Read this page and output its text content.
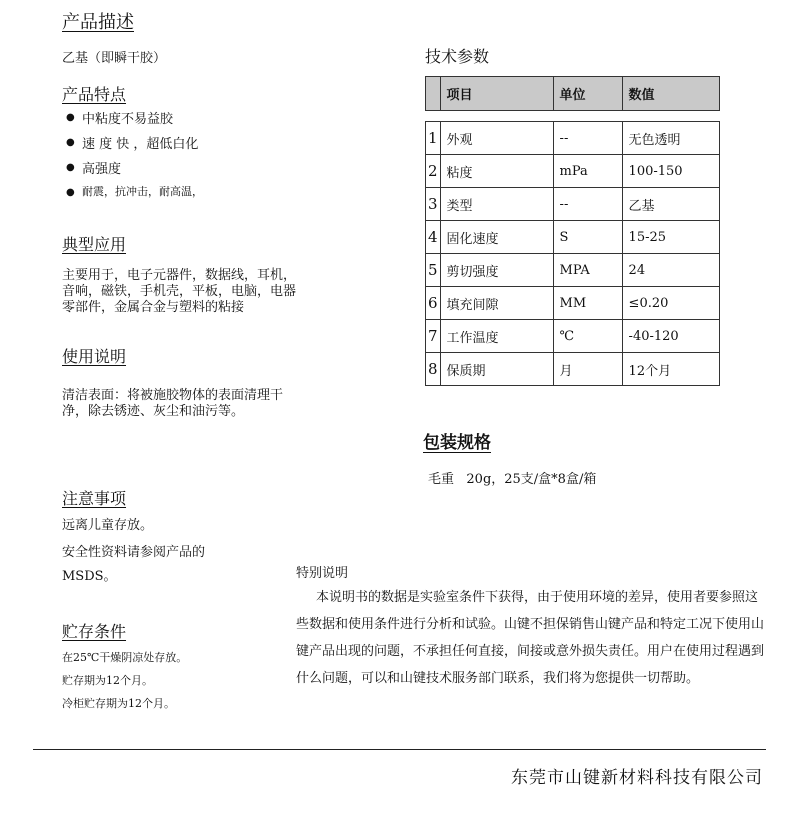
产品描述
乙基（即瞬干胶）
产品特点
● 中粘度不易益胶
● 速 度 快 ，超低白化
● 高强度
● 耐震，抗冲击，耐高温，
典型应用
主要用于，电子元器件，数据线，耳机，音响，磁铁，手机壳，平板，电脑，电器零部件，金属合金与塑料的粘接
使用说明
清洁表面：将被施胶物体的表面清理干净，除去锈迹、灰尘和油污等。
注意事项
远离儿童存放。
安全性资料请参阅产品的
MSDS。
贮存条件
在25℃干燥阴凉处存放。
贮存期为12个月。
冷柜贮存期为12个月。
技术参数
	项目	单位	数值

1	外观	--	无色透明
2	粘度	mPa	100-150
3	类型	--	乙基
4	固化速度	S	15-25
5	剪切强度	MPA	24
6	填充间隙	MM	≤0.20
7	工作温度	℃	-40-120
8	保质期	月	12个月
包装规格
毛重   20g，25支/盒*8盒/箱
特别说明
本说明书的数据是实验室条件下获得，由于使用环境的差异，使用者要参照这些数据和使用条件进行分析和试验。山键不担保销售山键产品和特定工况下使用山键产品出现的问题，不承担任何直接，间接或意外损失责任。用户在使用过程遇到什么问题，可以和山键技术服务部门联系，我们将为您提供一切帮助。
东莞市山键新材料科技有限公司
